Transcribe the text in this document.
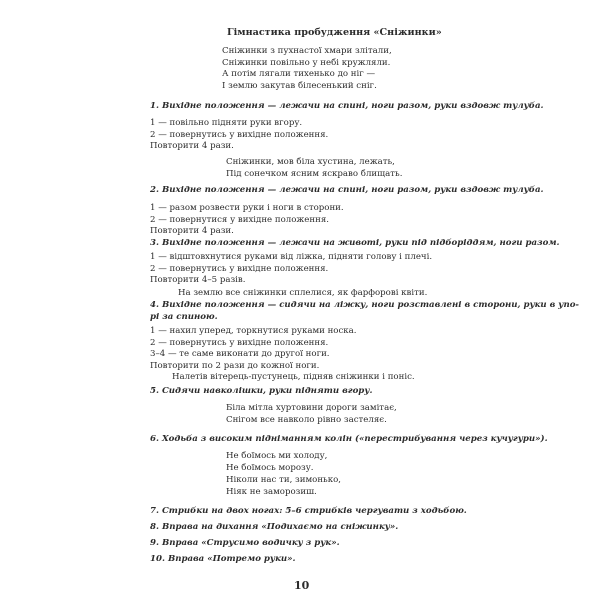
Гімнастика пробудження «Сніжинки»
Сніжинки з пухнастої хмари злітали,
Сніжинки повільно у небі кружляли.
А потім лягали тихенько до ніг —
І землю закутав білесенький сніг.
1. Вихідне положення — лежачи на спині, ноги разом, руки вздовж тулуба.
1 — повільно підняти руки вгору.
2 — повернутись у вихідне положення.
Повторити 4 рази.
Сніжинки, мов біла хустина, лежать,
Під сонечком ясним яскраво блищать.
2. Вихідне положення — лежачи на спині, ноги разом, руки вздовж тулуба.
1 — разом розвести руки і ноги в сторони.
2 — повернутися у вихідне положення.
Повторити 4 рази.
3. Вихідне положення — лежачи на животі, руки під підборіддям, ноги разом.
1 — відштовхнутися руками від ліжка, підняти голову і плечі.
2 — повернутись у вихідне положення.
Повторити 4–5 разів.
На землю все сніжинки сплелися, як фарфорові квіти.
4. Вихідне положення — сидячи на ліжку, ноги розставлені в сторони, руки в упо-
рі за спиною.
1 — нахил уперед, торкнутися руками носка.
2 — повернутись у вихідне положення.
3–4 — те саме виконати до другої ноги.
Повторити по 2 рази до кожної ноги.
Налетів вітерець-пустунець, підняв сніжинки і поніс.
5. Сидячи навколішки, руки підняти вгору.
Біла мітла хуртовини дороги замітає,
Снігом все навколо рівно застеляє.
6. Ходьба з високим підніманням колін («перестрибування через кучугури»).
Не боїмось ми холоду,
Не боїмось морозу.
Ніколи нас ти, зимонько,
Ніяк не заморозиш.
7. Стрибки на двох ногах: 5–6 стрибків чергувати з ходьбою.
8. Вправа на дихання «Подихаємо на сніжинку».
9. Вправа «Струсимо водичку з рук».
10. Вправа «Потремо руки».
10
